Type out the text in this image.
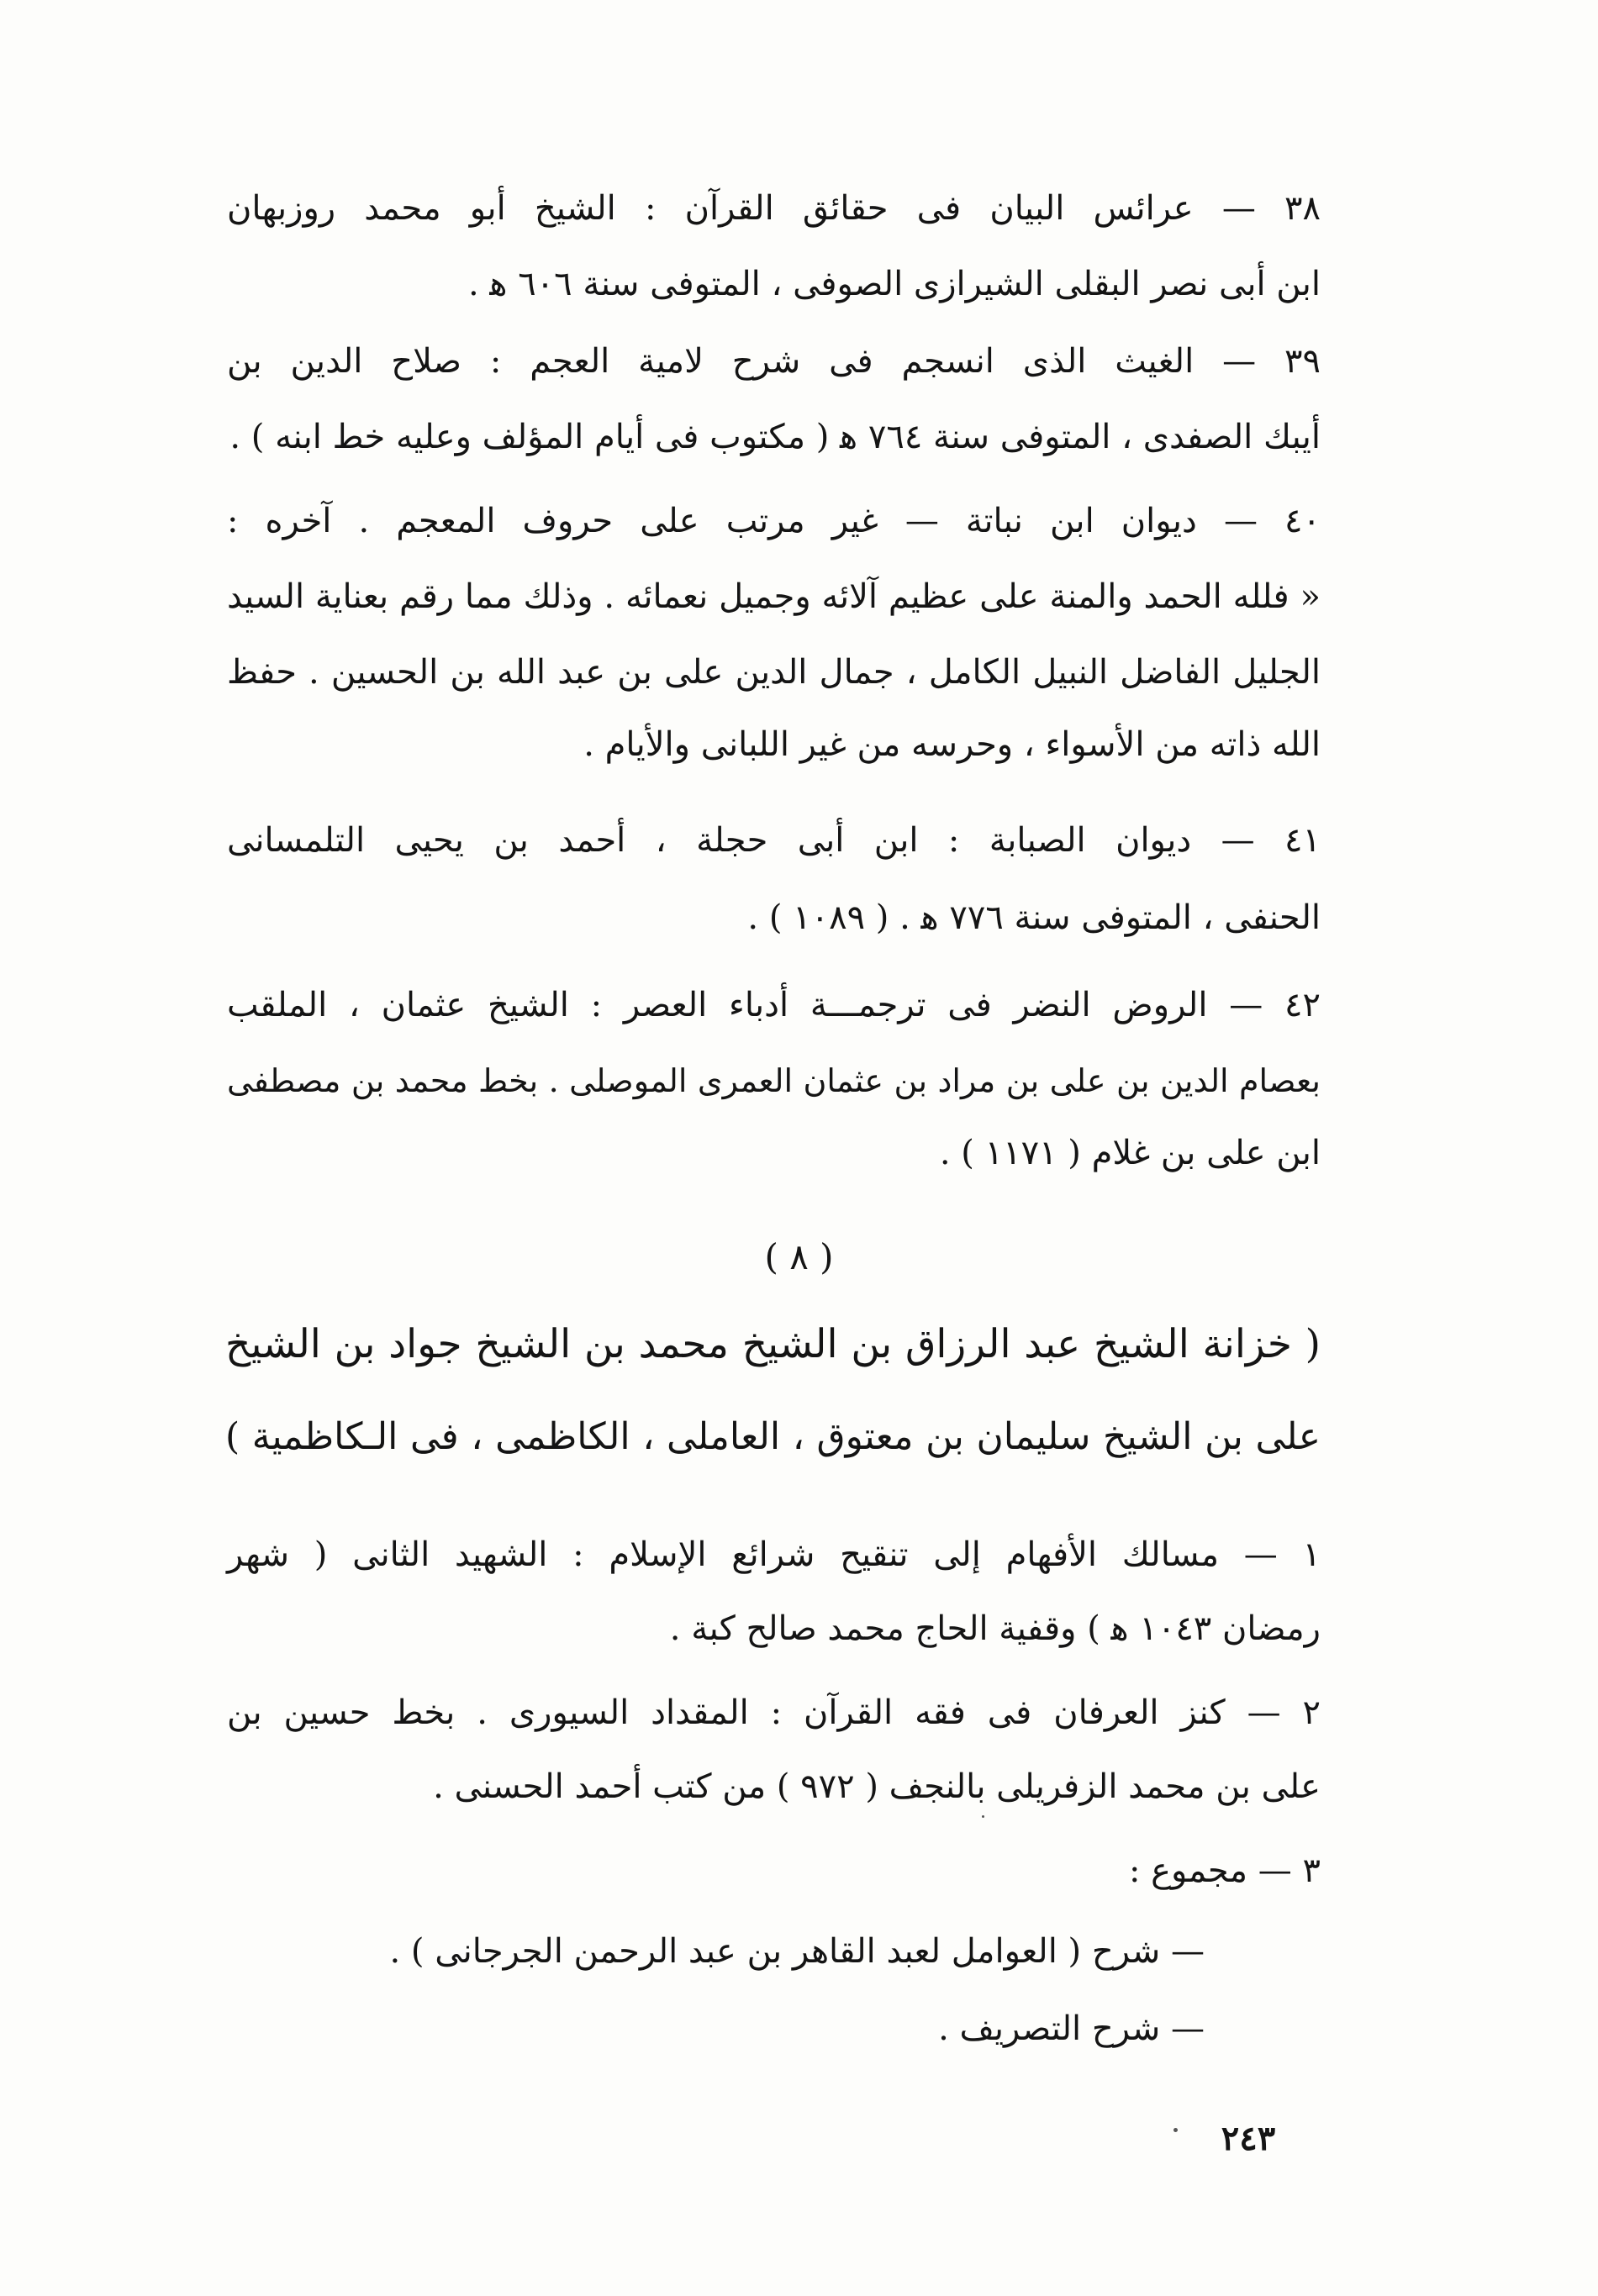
٣٨ — عرائس البيان فى حقائق القرآن : الشيخ أبو محمد روزبهان
ابن أبى نصر البقلى الشيرازى الصوفى ، المتوفى سنة ٦٠٦ ﻫ .
٣٩ — الغيث الذى انسجم فى شرح لامية العجم : صلاح الدين بن
أيبك الصفدى ، المتوفى سنة ٧٦٤ ﻫ ( مكتوب فى أيام المؤلف وعليه خط ابنه ) .
٤٠ — ديوان ابن نباتة — غير مرتب على حروف المعجم . آخره :
« فلله الحمد والمنة على عظيم آلائه وجميل نعمائه . وذلك مما رقم بعناية السيد
الجليل الفاضل النبيل الكامل ، جمال الدين على بن عبد الله بن الحسين . حفظ
الله ذاته من الأسواء ، وحرسه من غير اللبانى والأيام .
٤١ — ديوان الصبابة : ابن أبى حجلة ، أحمد بن يحيى التلمسانى
الحنفى ، المتوفى سنة ٧٧٦ ﻫ . ( ١٠٨٩ ) .
٤٢ — الروض النضر فى ترجمـــة أدباء العصر : الشيخ عثمان ، الملقب
بعصام الدين بن على بن مراد بن عثمان العمرى الموصلى . بخط محمد بن مصطفى
ابن على بن غلام ( ١١٧١ ) .
( ٨ )
( خزانة الشيخ عبد الرزاق بن الشيخ محمد بن الشيخ جواد بن الشيخ
على بن الشيخ سليمان بن معتوق ، العاملى ، الكاظمى ، فى الـكاظمية )
١ — مسالك الأفهام إلى تنقيح شرائع الإسلام : الشهيد الثانى ( شهر
رمضان ١٠٤٣ ﻫ ) وقفية الحاج محمد صالح كبة .
٢ — كنز العرفان فى فقه القرآن : المقداد السيورى . بخط حسين بن
على بن محمد الزفريلى بالنجف ( ٩٧٢ ) من كتب أحمد الحسنى .
٣ — مجموع :
— شرح ( العوامل لعبد القاهر بن عبد الرحمن الجرجانى ) .
— شرح التصريف .
٢٤٣
